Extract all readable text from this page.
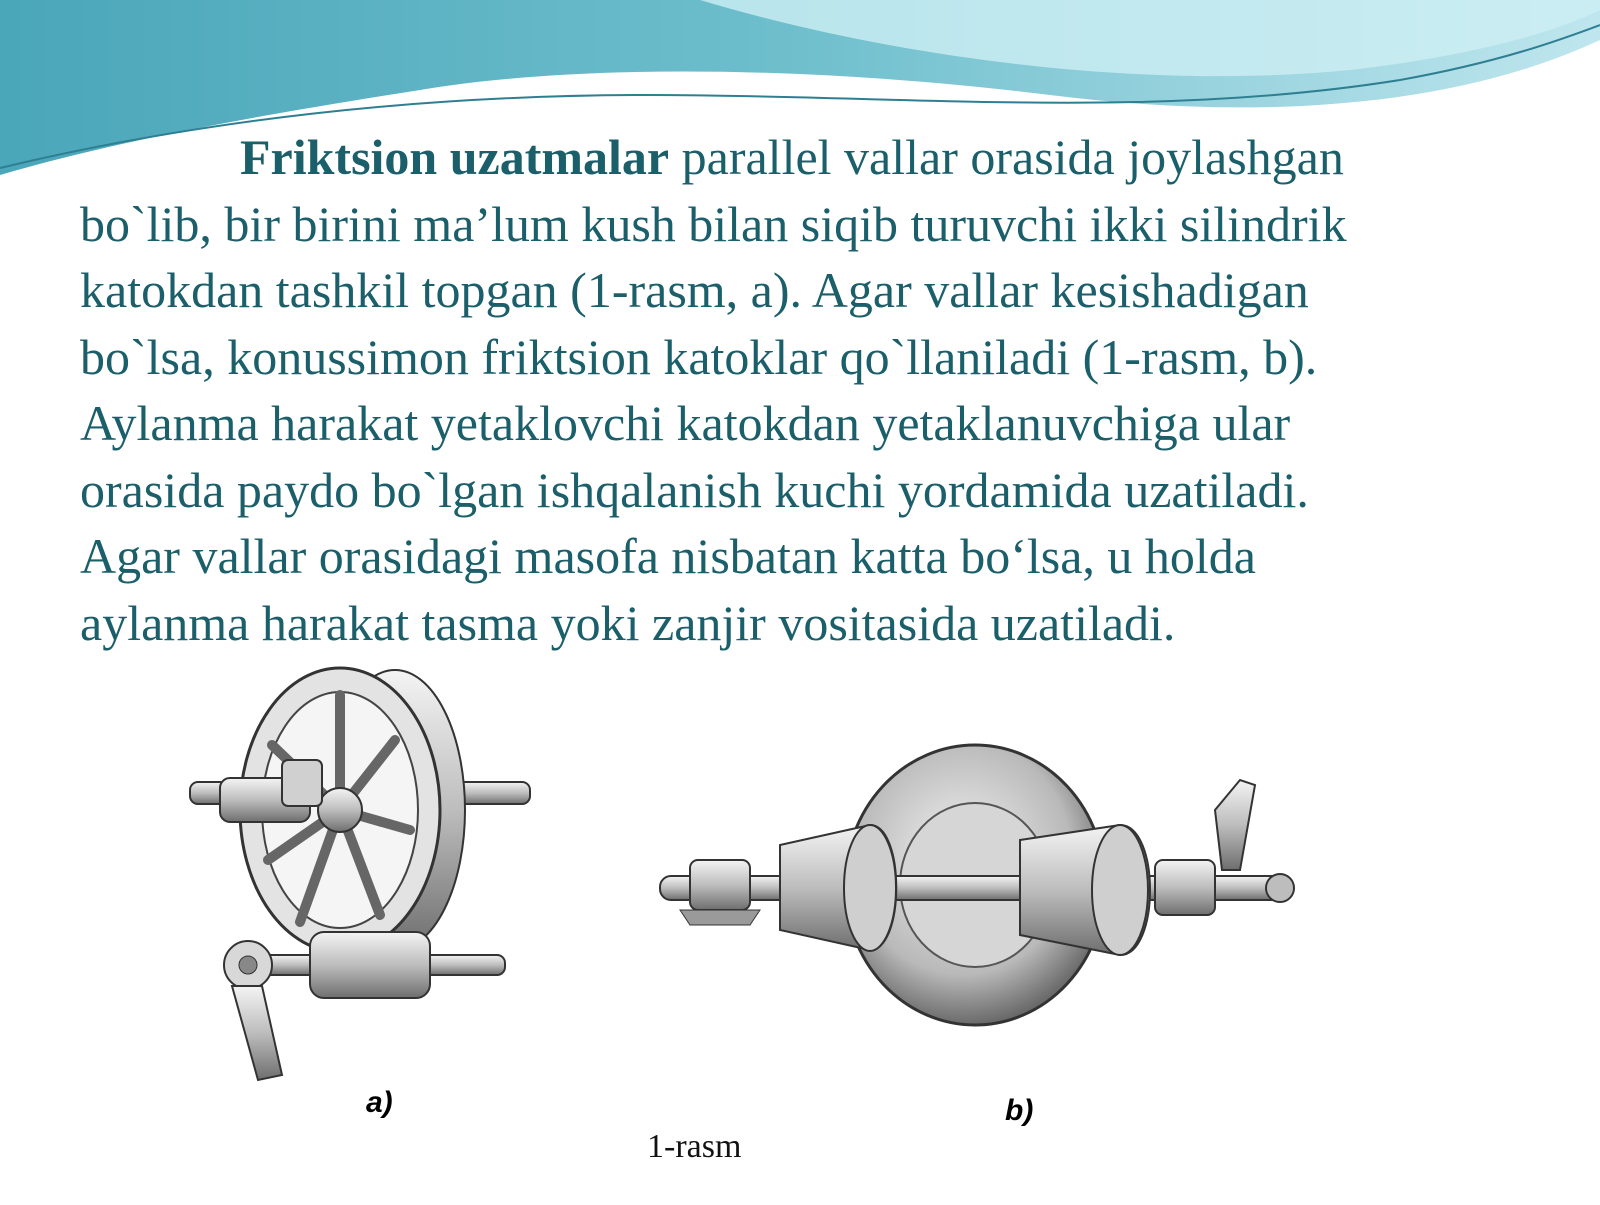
Friktsion uzatmalar parallel vallar orasida joylashgan
bo`lib, bir birini ma’lum kush bilan siqib turuvchi ikki silindrik
katokdan tashkil topgan (1-rasm, a). Agar vallar kesishadigan
bo`lsa, konussimon friktsion katoklar qo`llaniladi (1-rasm, b).
Aylanma harakat yetaklovchi katokdan yetaklanuvchiga ular
orasida paydo bo`lgan ishqalanish kuchi yordamida uzatiladi.
Agar vallar orasidagi masofa nisbatan katta bo‘lsa, u holda
aylanma harakat tasma yoki zanjir vositasida uzatiladi.

a)	b)
1-rasm
